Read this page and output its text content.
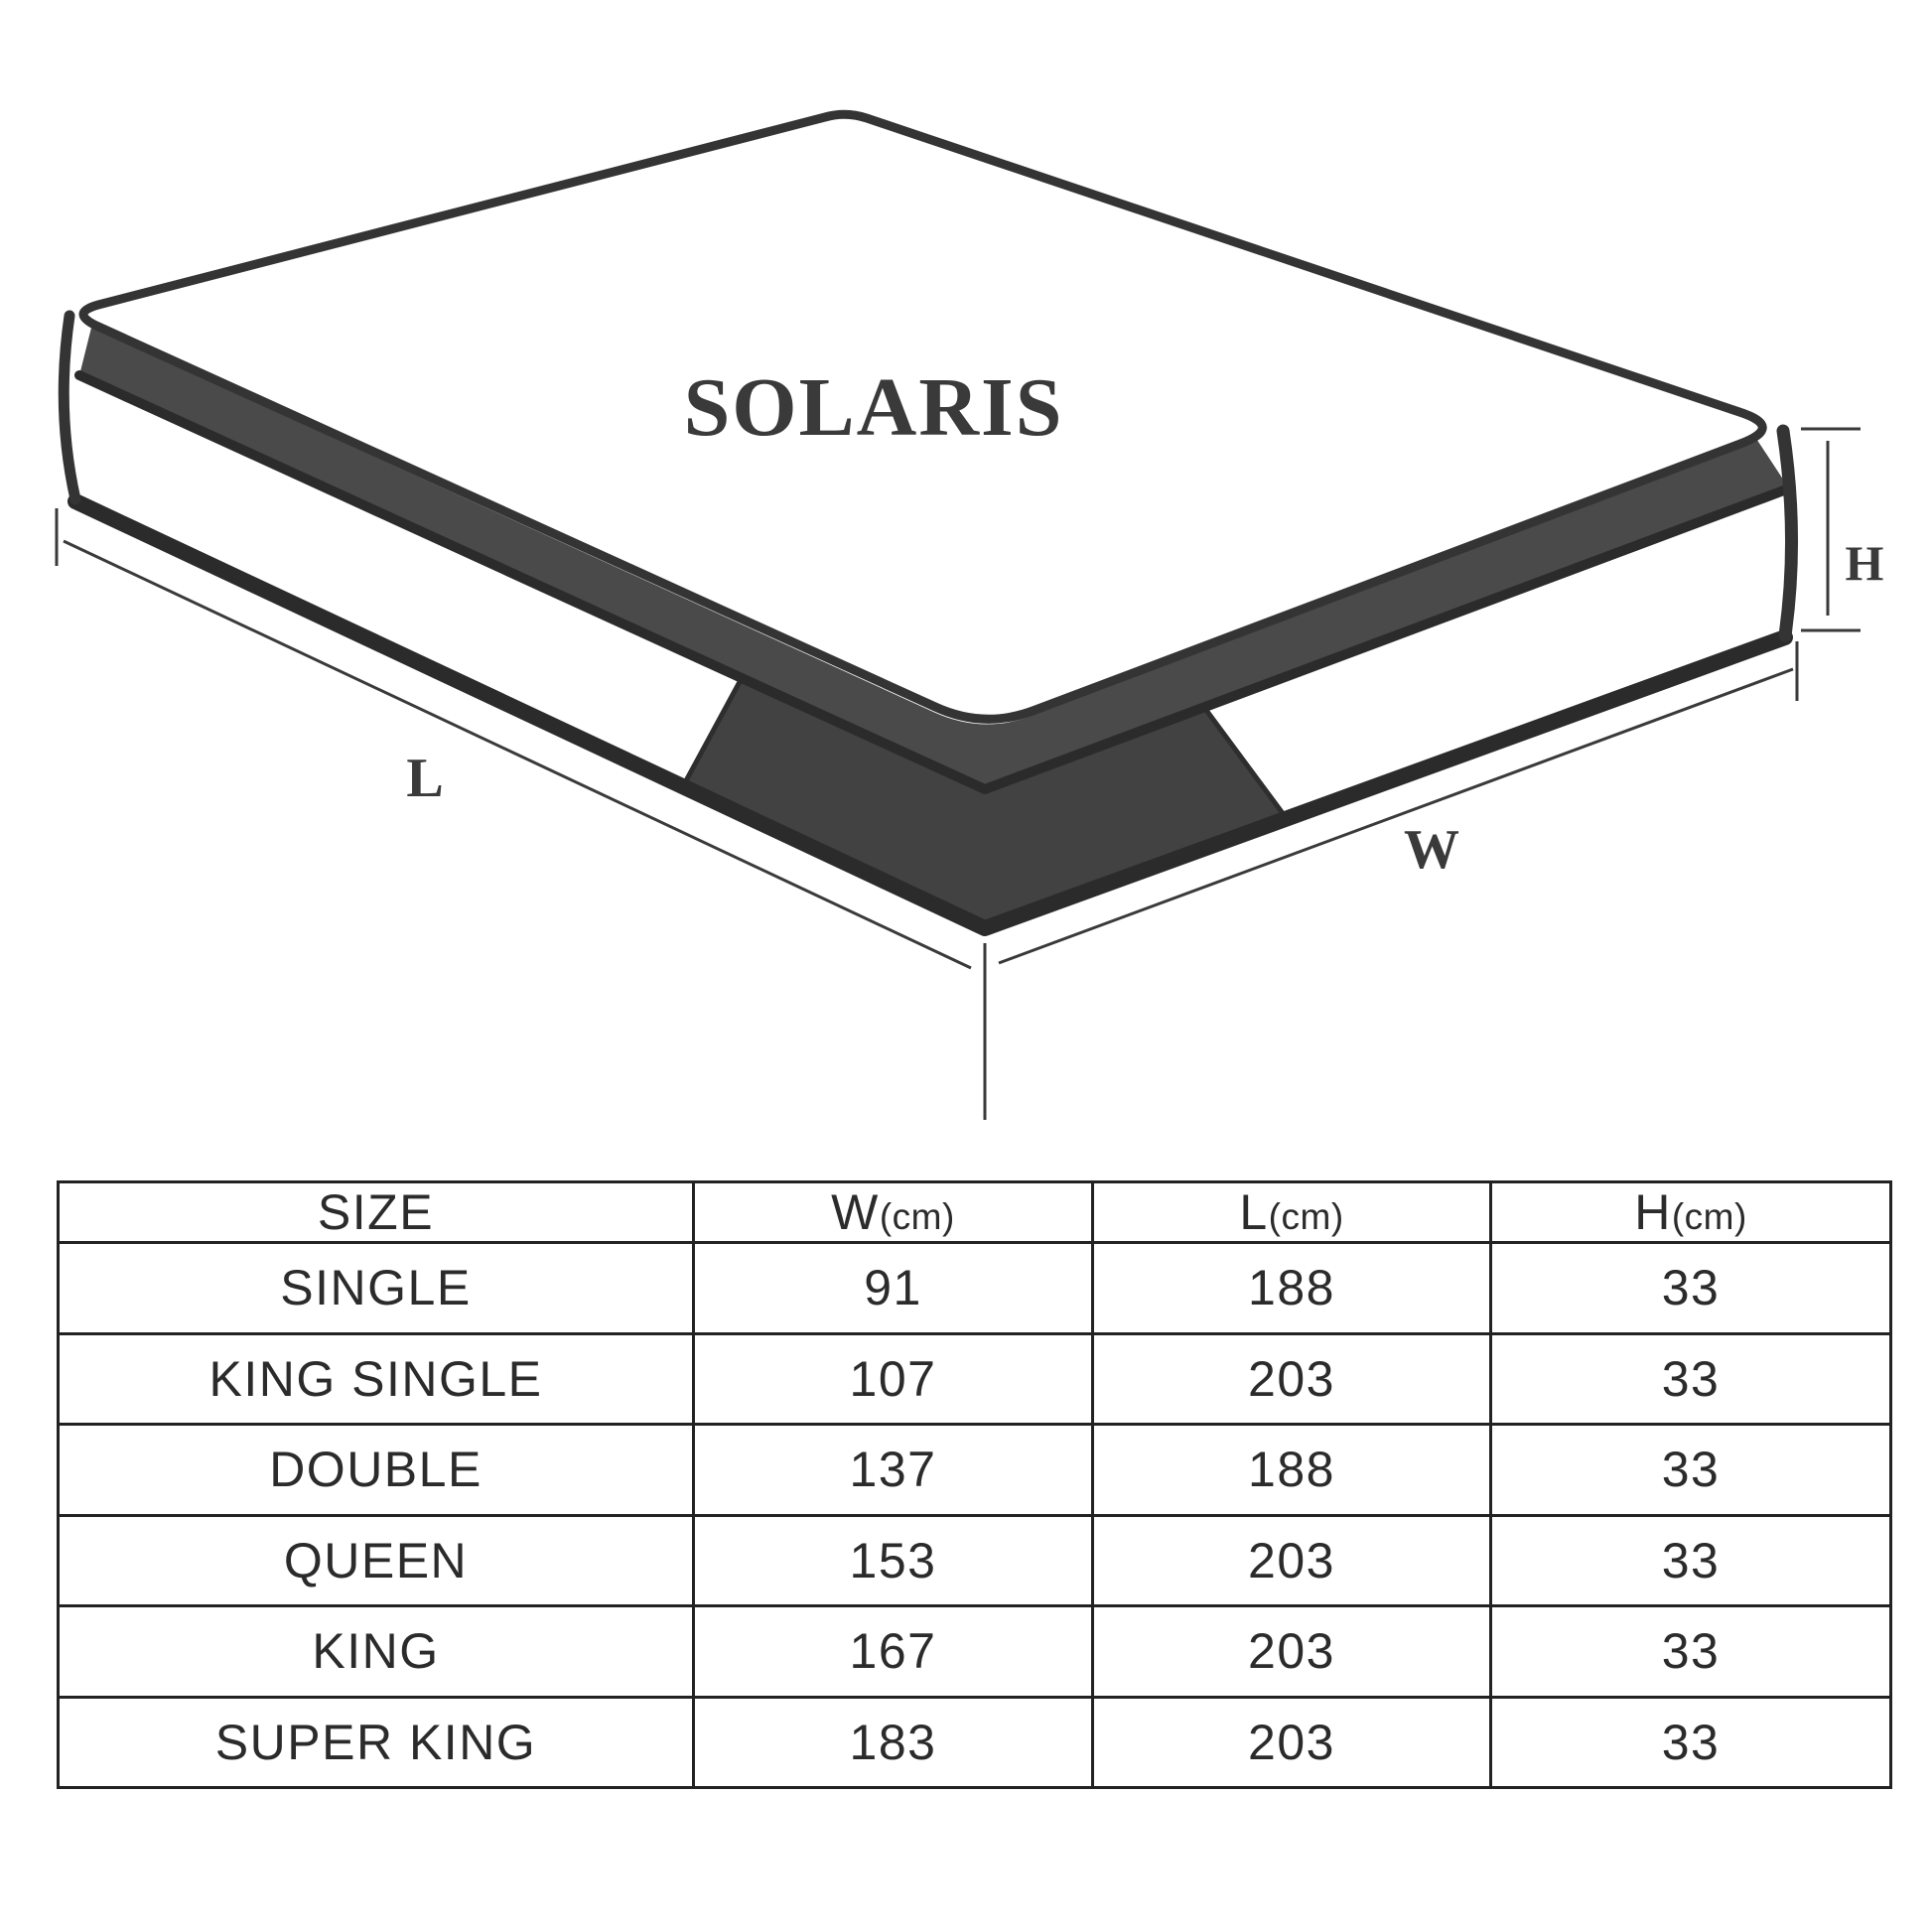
SOLARIS
L
W
H
SIZE	W(cm)	L(cm)	H(cm)
SINGLE	91	188	33
KING SINGLE	107	203	33
DOUBLE	137	188	33
QUEEN	153	203	33
KING	167	203	33
SUPER KING	183	203	33
